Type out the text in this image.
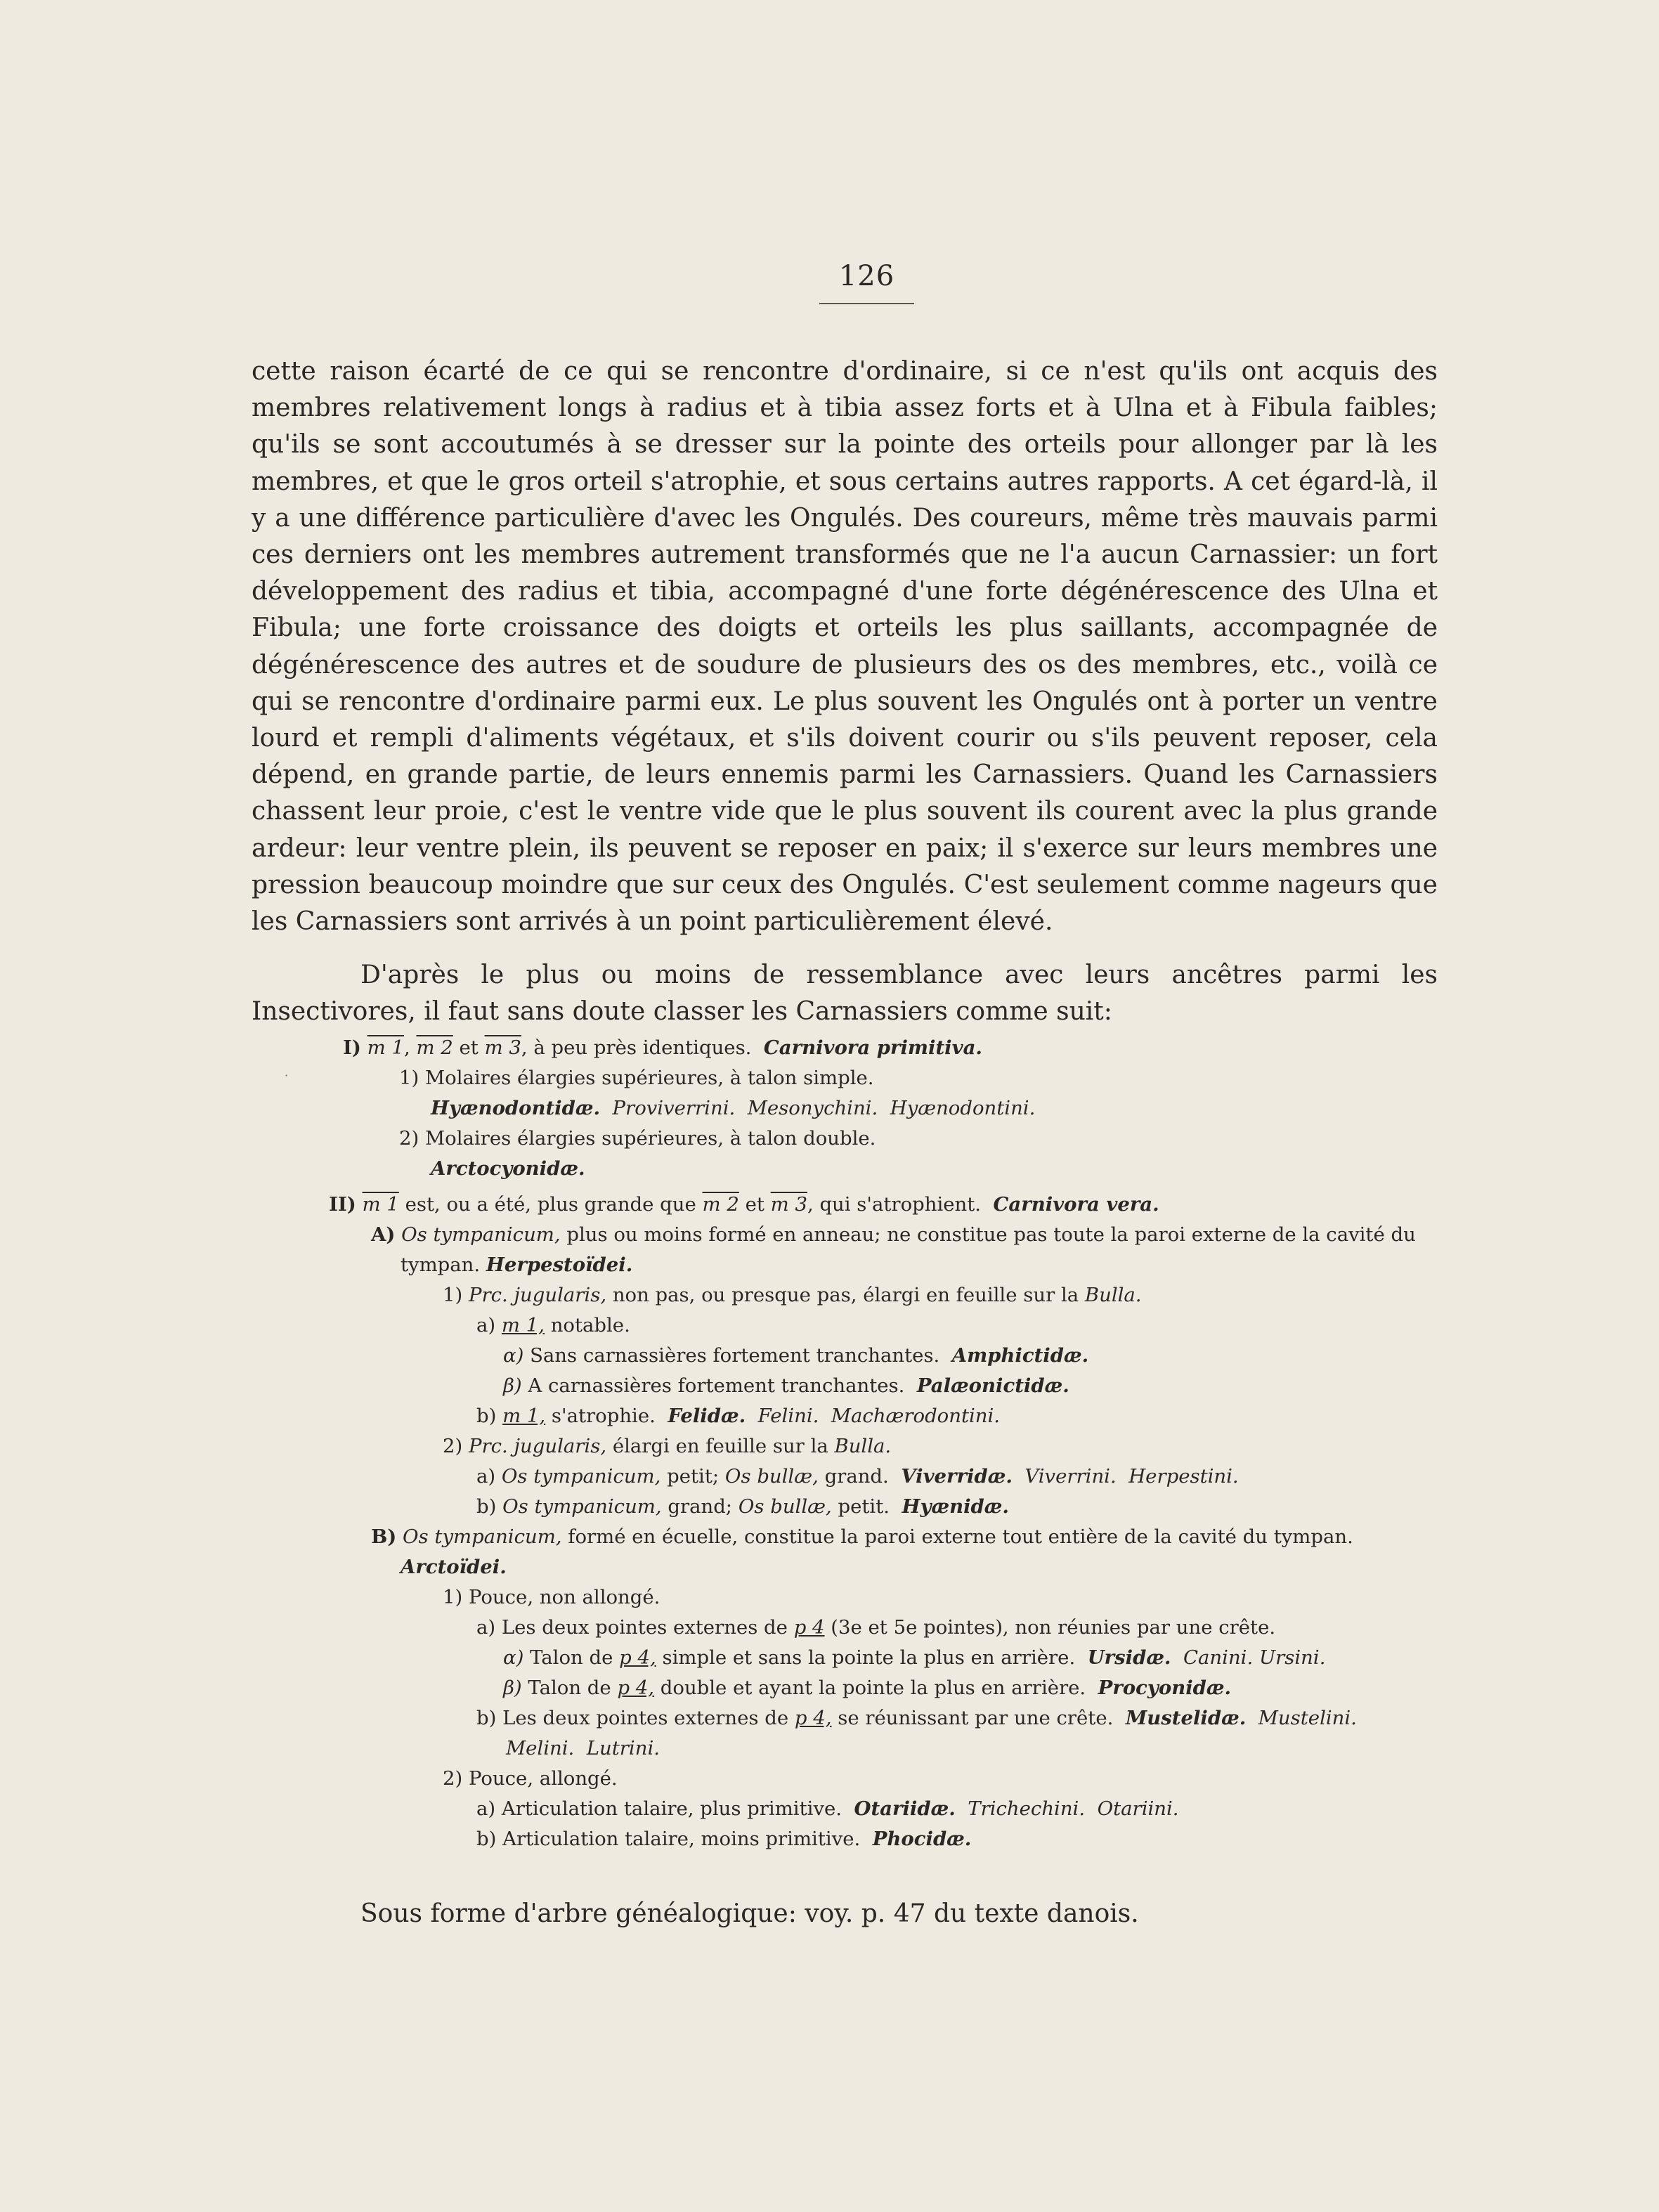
126

cette raison écarté de ce qui se rencontre d'ordinaire, si ce n'est qu'ils ont acquis des membres relativement longs à radius et à tibia assez forts et à Ulna et à Fibula faibles; qu'ils se sont accoutumés à se dresser sur la pointe des orteils pour allonger par là les membres, et que le gros orteil s'atrophie, et sous certains autres rapports. A cet égard-là, il y a une différence particulière d'avec les Ongulés. Des coureurs, même très mauvais parmi ces derniers ont les membres autrement transformés que ne l'a aucun Carnassier: un fort développement des radius et tibia, accompagné d'une forte dégénérescence des Ulna et Fibula; une forte croissance des doigts et orteils les plus saillants, accompagnée de dégénérescence des autres et de soudure de plusieurs des os des membres, etc., voilà ce qui se rencontre d'ordinaire parmi eux. Le plus souvent les Ongulés ont à porter un ventre lourd et rempli d'aliments végétaux, et s'ils doivent courir ou s'ils peuvent reposer, cela dépend, en grande partie, de leurs ennemis parmi les Carnassiers. Quand les Carnassiers chassent leur proie, c'est le ventre vide que le plus souvent ils courent avec la plus grande ardeur: leur ventre plein, ils peuvent se reposer en paix; il s'exerce sur leurs membres une pression beaucoup moindre que sur ceux des Ongulés. C'est seulement comme nageurs que les Carnassiers sont arrivés à un point particulièrement élevé.

D'après le plus ou moins de ressemblance avec leurs ancêtres parmi les Insectivores, il faut sans doute classer les Carnassiers comme suit:

˙
I) m 1, m 2 et m 3, à peu près identiques. Carnivora primitiva.
1) Molaires élargies supérieures, à talon simple.
Hyænodontidæ. Proviverrini. Mesonychini. Hyænodontini.
2) Molaires élargies supérieures, à talon double.
Arctocyonidæ.
II) m 1 est, ou a été, plus grande que m 2 et m 3, qui s'atrophient. Carnivora vera.
A) Os tympanicum, plus ou moins formé en anneau; ne constitue pas toute la paroi externe de la cavité du tympan. Herpestoïdei.
1) Prc. jugularis, non pas, ou presque pas, élargi en feuille sur la Bulla.
a) m 1, notable.
α) Sans carnassières fortement tranchantes. Amphictidæ.
β) A carnassières fortement tranchantes. Palæonictidæ.
b) m 1, s'atrophie. Felidæ. Felini. Machærodontini.
2) Prc. jugularis, élargi en feuille sur la Bulla.
a) Os tympanicum, petit; Os bullæ, grand. Viverridæ. Viverrini. Herpestini.
b) Os tympanicum, grand; Os bullæ, petit. Hyænidæ.
B) Os tympanicum, formé en écuelle, constitue la paroi externe tout entière de la cavité du tympan. Arctoïdei.
1) Pouce, non allongé.
a) Les deux pointes externes de p 4 (3e et 5e pointes), non réunies par une crête.
α) Talon de p 4, simple et sans la pointe la plus en arrière. Ursidæ. Canini. Ursini.
β) Talon de p 4, double et ayant la pointe la plus en arrière. Procyonidæ.
b) Les deux pointes externes de p 4, se réunissant par une crête. Mustelidæ. Mustelini.  Melini. Lutrini.
2) Pouce, allongé.
a) Articulation talaire, plus primitive. Otariidæ. Trichechini. Otariini.
b) Articulation talaire, moins primitive. Phocidæ.

Sous forme d'arbre généalogique: voy. p. 47 du texte danois.
